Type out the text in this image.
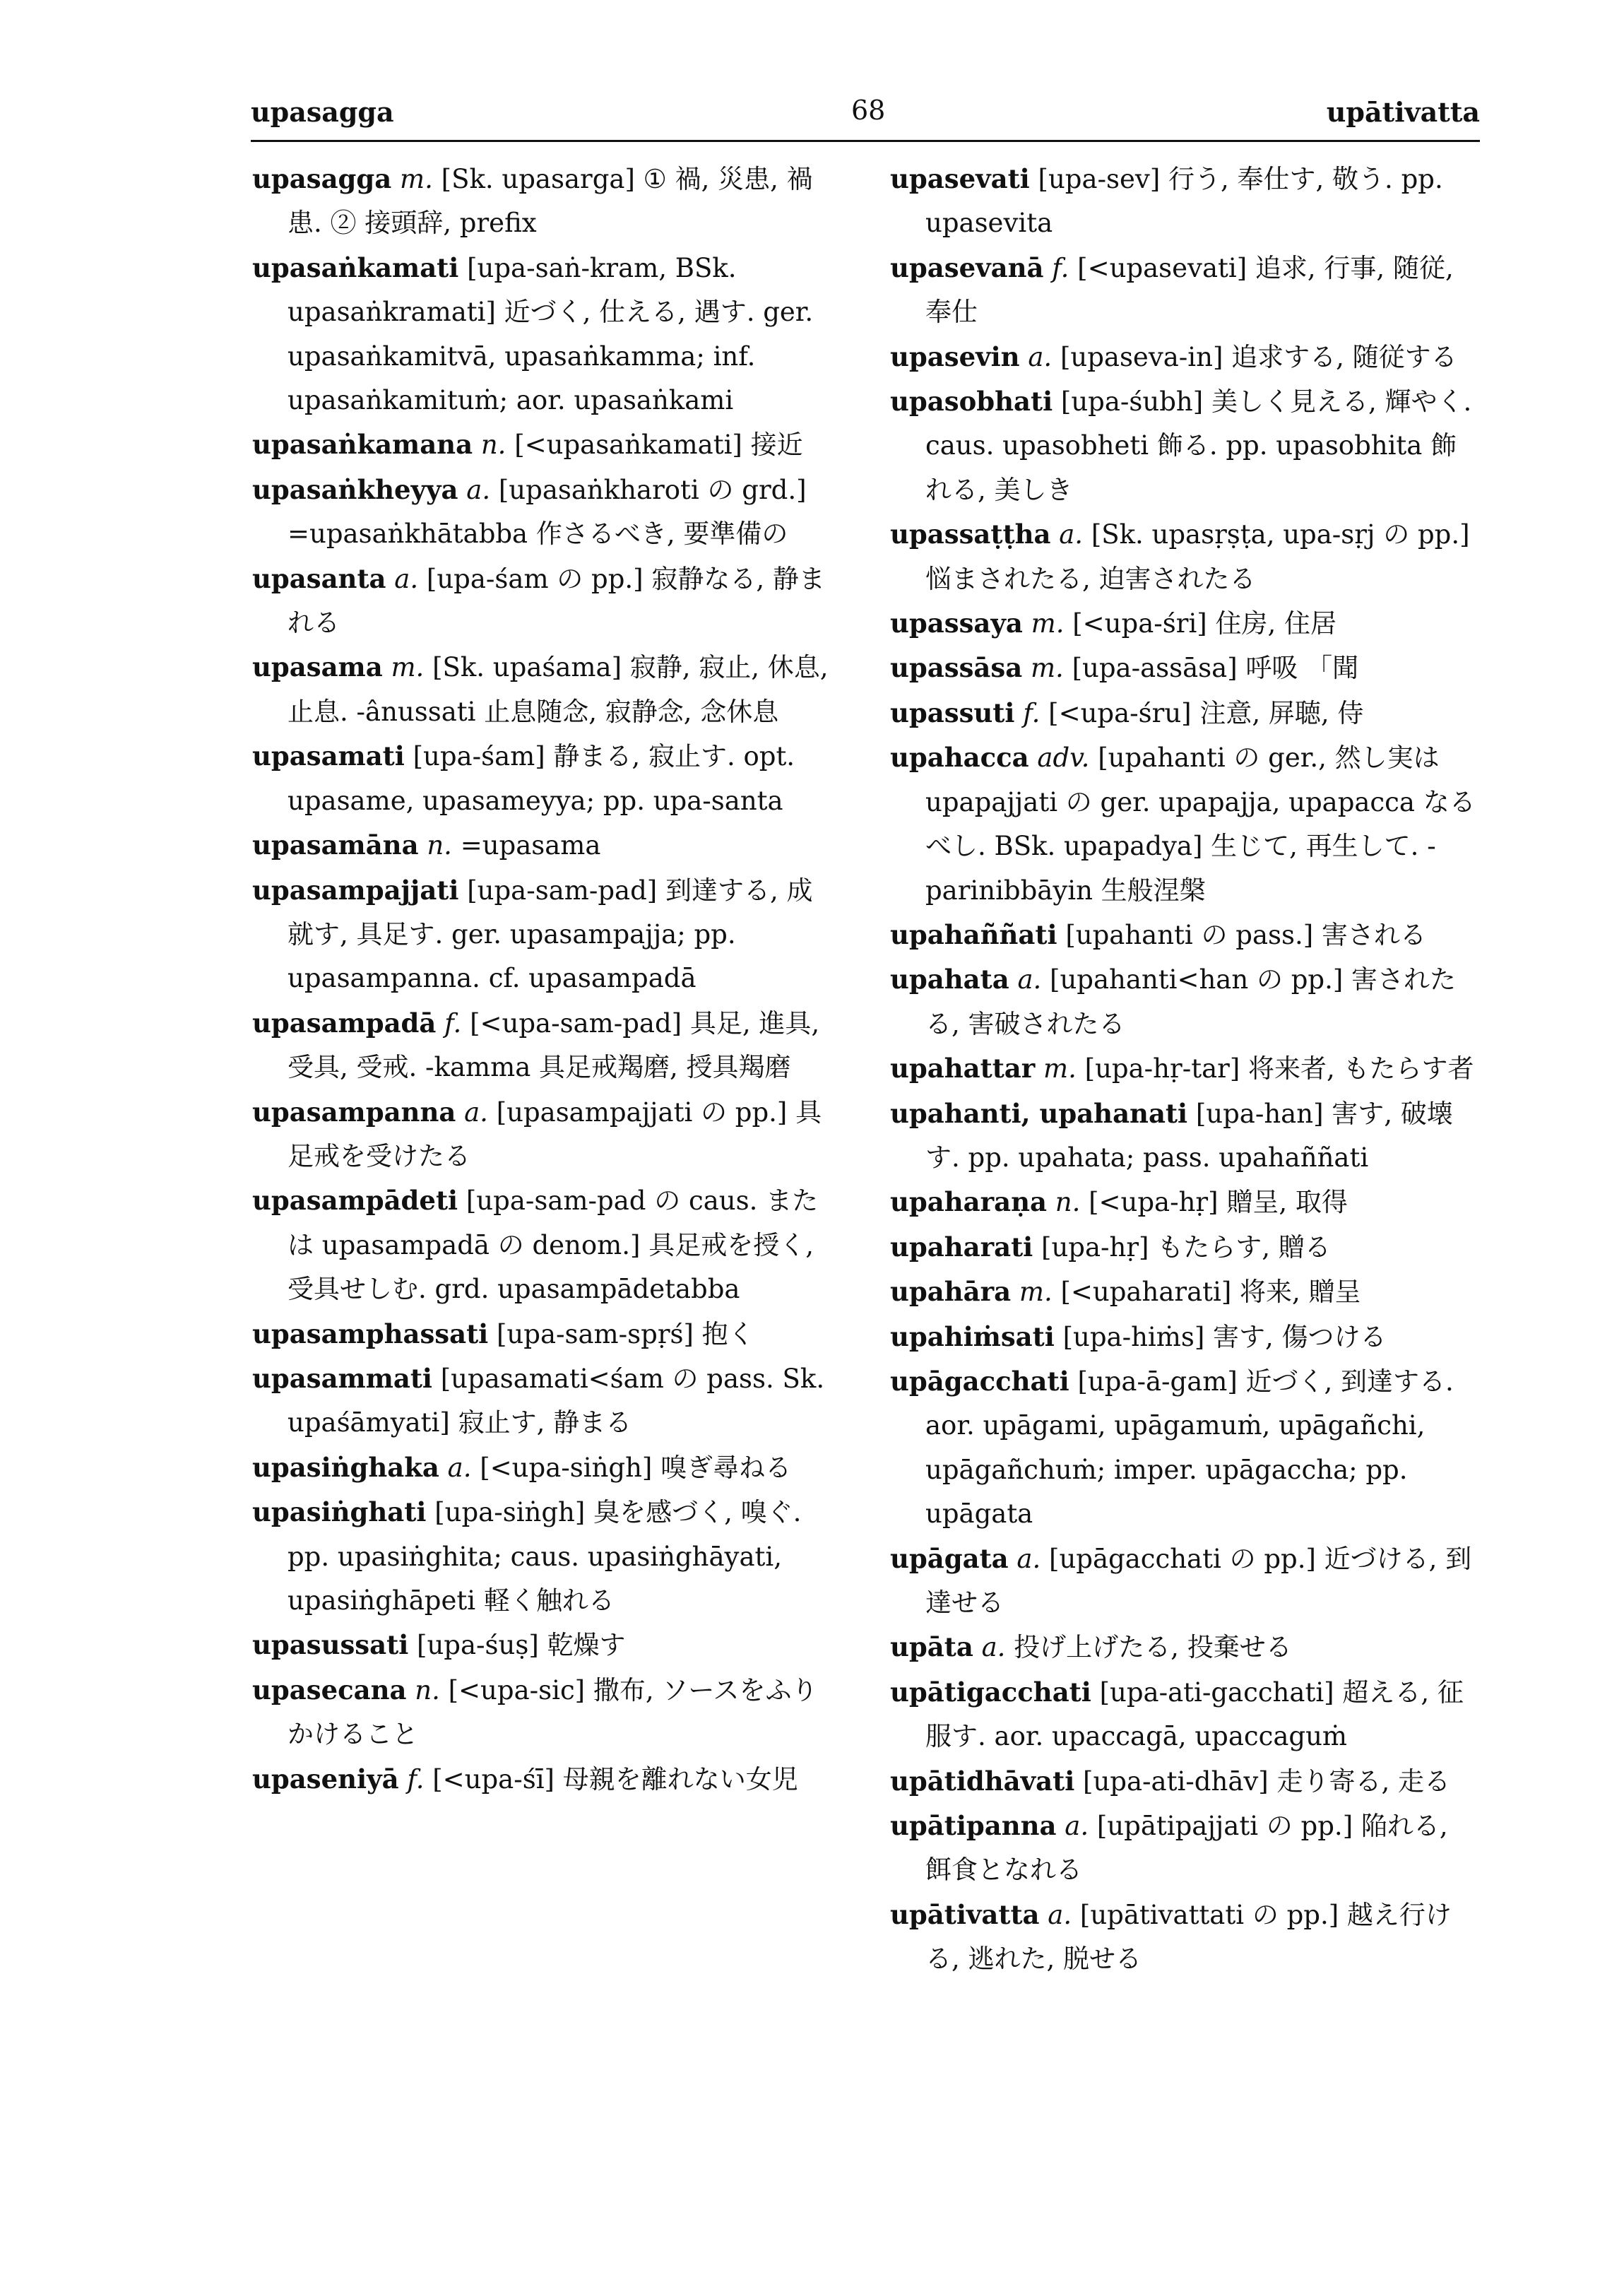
upasagga	68	upātivatta
upasagga m. [Sk. upasarga] ① 禍, 災患, 禍患. ② 接頭辞, prefix
upasaṅkamati [upa-saṅ-kram, BSk. upasaṅkramati] 近づく, 仕える, 遇す. ger. upasaṅkamitvā, upasaṅkamma; inf. upasaṅkamituṁ; aor. upasaṅkami
upasaṅkamana n. [<upasaṅkamati] 接近
upasaṅkheyya a. [upasaṅkharoti の grd.] =upasaṅkhātabba 作さるべき, 要準備の
upasanta a. [upa-śam の pp.] 寂静なる, 静まれる
upasama m. [Sk. upaśama] 寂静, 寂止, 休息, 止息. -ânussati 止息随念, 寂静念, 念休息
upasamati [upa-śam] 静まる, 寂止す. opt. upasame, upasameyya; pp. upa-santa
upasamāna n. =upasama
upasampajjati [upa-sam-pad] 到達する, 成就す, 具足す. ger. upasampajja; pp. upasampanna. cf. upasampadā
upasampadā f. [<upa-sam-pad] 具足, 進具, 受具, 受戒. -kamma 具足戒羯磨, 授具羯磨
upasampanna a. [upasampajjati の pp.] 具足戒を受けたる
upasampādeti [upa-sam-pad の caus. または upasampadā の denom.] 具足戒を授く, 受具せしむ. grd. upasampādetabba
upasamphassati [upa-sam-spṛś] 抱く
upasammati [upasamati<śam の pass. Sk. upaśāmyati] 寂止す, 静まる
upasiṅghaka a. [<upa-siṅgh] 嗅ぎ尋ねる
upasiṅghati [upa-siṅgh] 臭を感づく, 嗅ぐ. pp. upasiṅghita; caus. upasiṅghāyati, upasiṅghāpeti 軽く触れる
upasussati [upa-śuṣ] 乾燥す
upasecana n. [<upa-sic] 撒布, ソースをふりかけること
upaseniyā f. [<upa-śī] 母親を離れない女児
upasevati [upa-sev] 行う, 奉仕す, 敬う. pp. upasevita
upasevanā f. [<upasevati] 追求, 行事, 随従, 奉仕
upasevin a. [upaseva-in] 追求する, 随従する
upasobhati [upa-śubh] 美しく見える, 輝やく. caus. upasobheti 飾る. pp. upasobhita 飾れる, 美しき
upassaṭṭha a. [Sk. upasṛṣṭa, upa-sṛj の pp.] 悩まされたる, 迫害されたる
upassaya m. [<upa-śri] 住房, 住居
upassāsa m. [upa-assāsa] 呼吸 「聞
upassuti f. [<upa-śru] 注意, 屏聴, 侍
upahacca adv. [upahanti の ger., 然し実は upapajjati の ger. upapajja, upapacca なるべし. BSk. upapadya] 生じて, 再生して. -parinibbāyin 生般涅槃
upahaññati [upahanti の pass.] 害される
upahata a. [upahanti<han の pp.] 害されたる, 害破されたる
upahattar m. [upa-hṛ-tar] 将来者, もたらす者
upahanti, upahanati [upa-han] 害す, 破壊す. pp. upahata; pass. upahaññati
upaharaṇa n. [<upa-hṛ] 贈呈, 取得
upaharati [upa-hṛ] もたらす, 贈る
upahāra m. [<upaharati] 将来, 贈呈
upahiṁsati [upa-hiṁs] 害す, 傷つける
upāgacchati [upa-ā-gam] 近づく, 到達する. aor. upāgami, upāgamuṁ, upāgañchi, upāgañchuṁ; imper. upāgaccha; pp. upāgata
upāgata a. [upāgacchati の pp.] 近づける, 到達せる
upāta a. 投げ上げたる, 投棄せる
upātigacchati [upa-ati-gacchati] 超える, 征服す. aor. upaccagā, upaccaguṁ
upātidhāvati [upa-ati-dhāv] 走り寄る, 走る
upātipanna a. [upātipajjati の pp.] 陥れる, 餌食となれる
upātivatta a. [upātivattati の pp.] 越え行ける, 逃れた, 脱せる
